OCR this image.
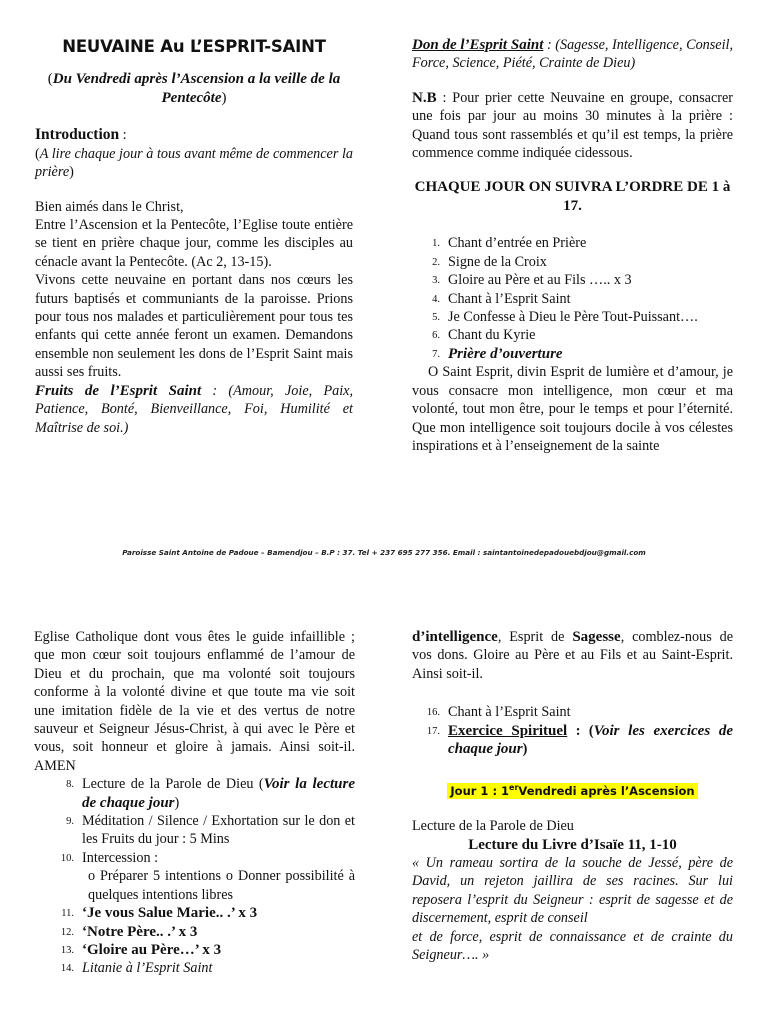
NEUVAINE Au L’ESPRIT-SAINT
(Du Vendredi après l’Ascension a la veille de la Pentecôte)
Introduction :
(A lire chaque jour à tous avant même de commencer la prière)
Bien aimés dans le Christ,
Entre l’Ascension et la Pentecôte, l’Eglise toute entière se tient en prière chaque jour, comme les disciples au cénacle avant la Pentecôte. (Ac 2, 13-15).
Vivons cette neuvaine en portant dans nos cœurs les futurs baptisés et communiants de la paroisse. Prions pour tous nos malades et particulièrement pour tous tes enfants qui cette année feront un examen. Demandons ensemble non seulement les dons de l’Esprit Saint mais aussi ses fruits.
Fruits de l’Esprit Saint : (Amour, Joie, Paix, Patience, Bonté, Bienveillance, Foi, Humilité et Maîtrise de soi.)
Don de l’Esprit Saint : (Sagesse, Intelligence, Conseil, Force, Science, Piété, Crainte de Dieu)
N.B : Pour prier cette Neuvaine en groupe, consacrer une fois par jour au moins 30 minutes à la prière : Quand tous sont rassemblés et qu’il est temps, la prière commence comme indiquée cidessous.
CHAQUE JOUR ON SUIVRA L’ORDRE DE 1 à 17.
1. Chant d’entrée en Prière
2. Signe de la Croix
3. Gloire au Père et au Fils ….. x 3
4. Chant à l’Esprit Saint
5. Je Confesse à Dieu le Père Tout-Puissant….
6. Chant du Kyrie
7. Prière d’ouverture
O Saint Esprit, divin Esprit de lumière et d’amour, je vous consacre mon intelligence, mon cœur et ma volonté, tout mon être, pour le temps et pour l’éternité. Que mon intelligence soit toujours docile à vos célestes inspirations et à l’enseignement de la sainte
Paroisse Saint Antoine de Padoue – Bamendjou – B.P : 37. Tel + 237 695 277 356. Email : saintantoinedepadouebdjou@gmail.com
Eglise Catholique dont vous êtes le guide infaillible ; que mon cœur soit toujours enflammé de l’amour de Dieu et du prochain, que ma volonté soit toujours conforme à la volonté divine et que toute ma vie soit une imitation fidèle de la vie et des vertus de notre sauveur et Seigneur Jésus-Christ, à qui avec le Père et vous, soit honneur et gloire à jamais. Ainsi soit-il. AMEN
8. Lecture de la Parole de Dieu (Voir la lecture de chaque jour)
9. Méditation / Silence / Exhortation sur le don et les Fruits du jour : 5 Mins
10. Intercession :
o Préparer 5 intentions o Donner possibilité à quelques intentions libres
11. ‘Je vous Salue Marie.. .’ x 3
12. ‘Notre Père.. .’ x 3
13. ‘Gloire au Père…’ x 3
14. Litanie à l’Esprit Saint
d’intelligence, Esprit de Sagesse, comblez-nous de vos dons. Gloire au Père et au Fils et au Saint-Esprit. Ainsi soit-il.
16. Chant à l’Esprit Saint
17. Exercice Spirituel : (Voir les exercices de chaque jour)
Jour 1 : 1erVendredi après l’Ascension
Lecture de la Parole de Dieu
Lecture du Livre d’Isaïe 11, 1-10
« Un rameau sortira de la souche de Jessé, père de David, un rejeton jaillira de ses racines. Sur lui reposera l’esprit du Seigneur : esprit de sagesse et de discernement, esprit de conseil
et de force, esprit de connaissance et de crainte du Seigneur…. »
